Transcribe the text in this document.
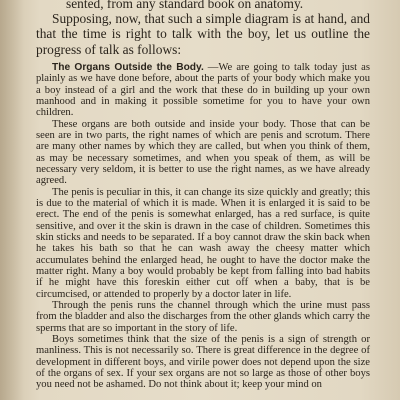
sented, from any standard book on anatomy.

Supposing, now, that such a simple diagram is at hand, and that the time is right to talk with the boy, let us outline the progress of talk as follows:

The Organs Outside the Body. —We are going to talk today just as plainly as we have done before, about the parts of your body which make you a boy instead of a girl and the work that these do in building up your own manhood and in making it possible sometime for you to have your own children.

These organs are both outside and inside your body. Those that can be seen are in two parts, the right names of which are penis and scrotum. There are many other names by which they are called, but when you think of them, as may be necessary sometimes, and when you speak of them, as will be necessary very seldom, it is better to use the right names, as we have already agreed.

The penis is peculiar in this, it can change its size quickly and greatly; this is due to the material of which it is made. When it is enlarged it is said to be erect. The end of the penis is somewhat enlarged, has a red surface, is quite sensitive, and over it the skin is drawn in the case of children. Sometimes this skin sticks and needs to be separated. If a boy cannot draw the skin back when he takes his bath so that he can wash away the cheesy matter which accumulates behind the enlarged head, he ought to have the doctor make the matter right. Many a boy would probably be kept from falling into bad habits if he might have this foreskin either cut off when a baby, that is be circumcised, or attended to properly by a doctor later in life.

Through the penis runs the channel through which the urine must pass from the bladder and also the discharges from the other glands which carry the sperms that are so important in the story of life.

Boys sometimes think that the size of the penis is a sign of strength or manliness. This is not necessarily so. There is great difference in the degree of development in different boys, and virile power does not depend upon the size of the organs of sex. If your sex organs are not so large as those of other boys you need not be ashamed. Do not think about it; keep your mind on
